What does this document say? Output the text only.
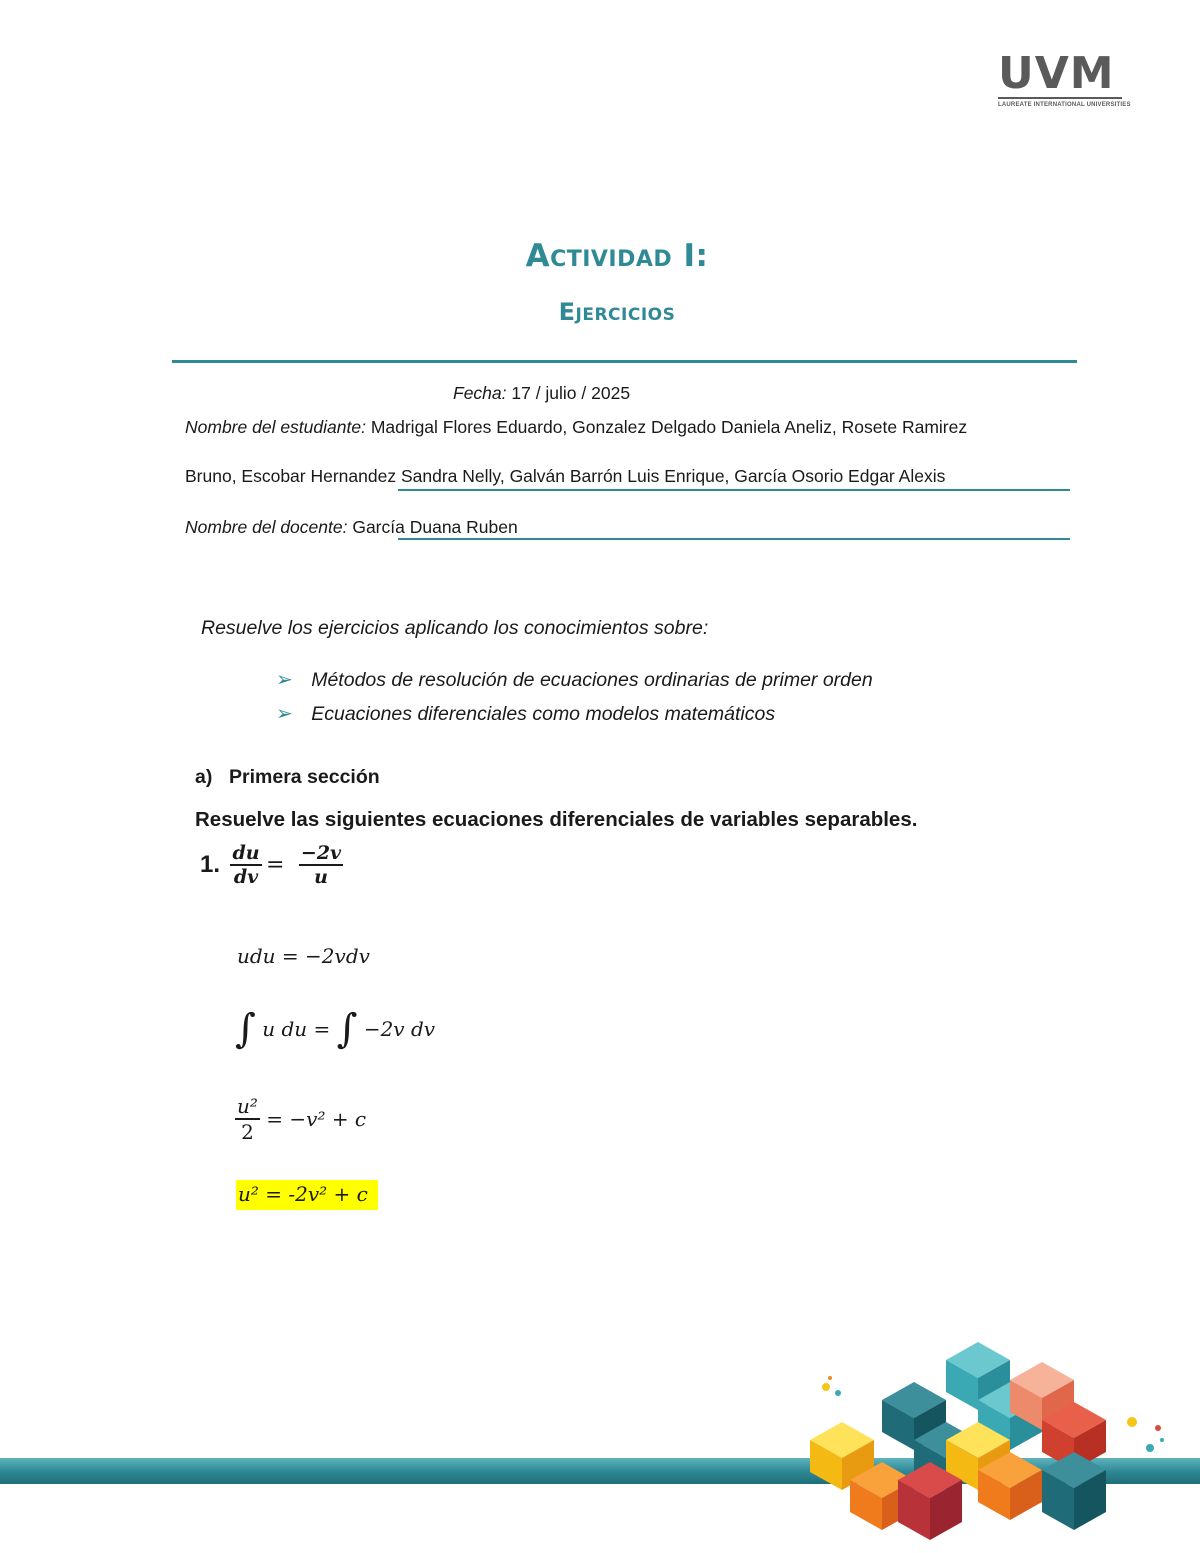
UVM
LAUREATE INTERNATIONAL UNIVERSITIES
Actividad I:
Ejercicios
Fecha: 17 / julio / 2025
Nombre del estudiante: Madrigal Flores Eduardo, Gonzalez Delgado Daniela Aneliz, Rosete Ramirez
Bruno, Escobar Hernandez Sandra Nelly, Galván Barrón Luis Enrique, García Osorio Edgar Alexis
Nombre del docente: García Duana Ruben
Resuelve los ejercicios aplicando los conocimientos sobre:
➢ Métodos de resolución de ecuaciones ordinarias de primer orden
➢ Ecuaciones diferenciales como modelos matemáticos
a) Primera sección
Resuelve las siguientes ecuaciones diferenciales de variables separables.
1. $\frac{du}{dv} = \frac{-2v}{u}$
udu = −2vdv
∫ u du = ∫ −2v dv
$\frac{\text{u²}}{2} = -v^2 + c$
u² = -2v² + c
